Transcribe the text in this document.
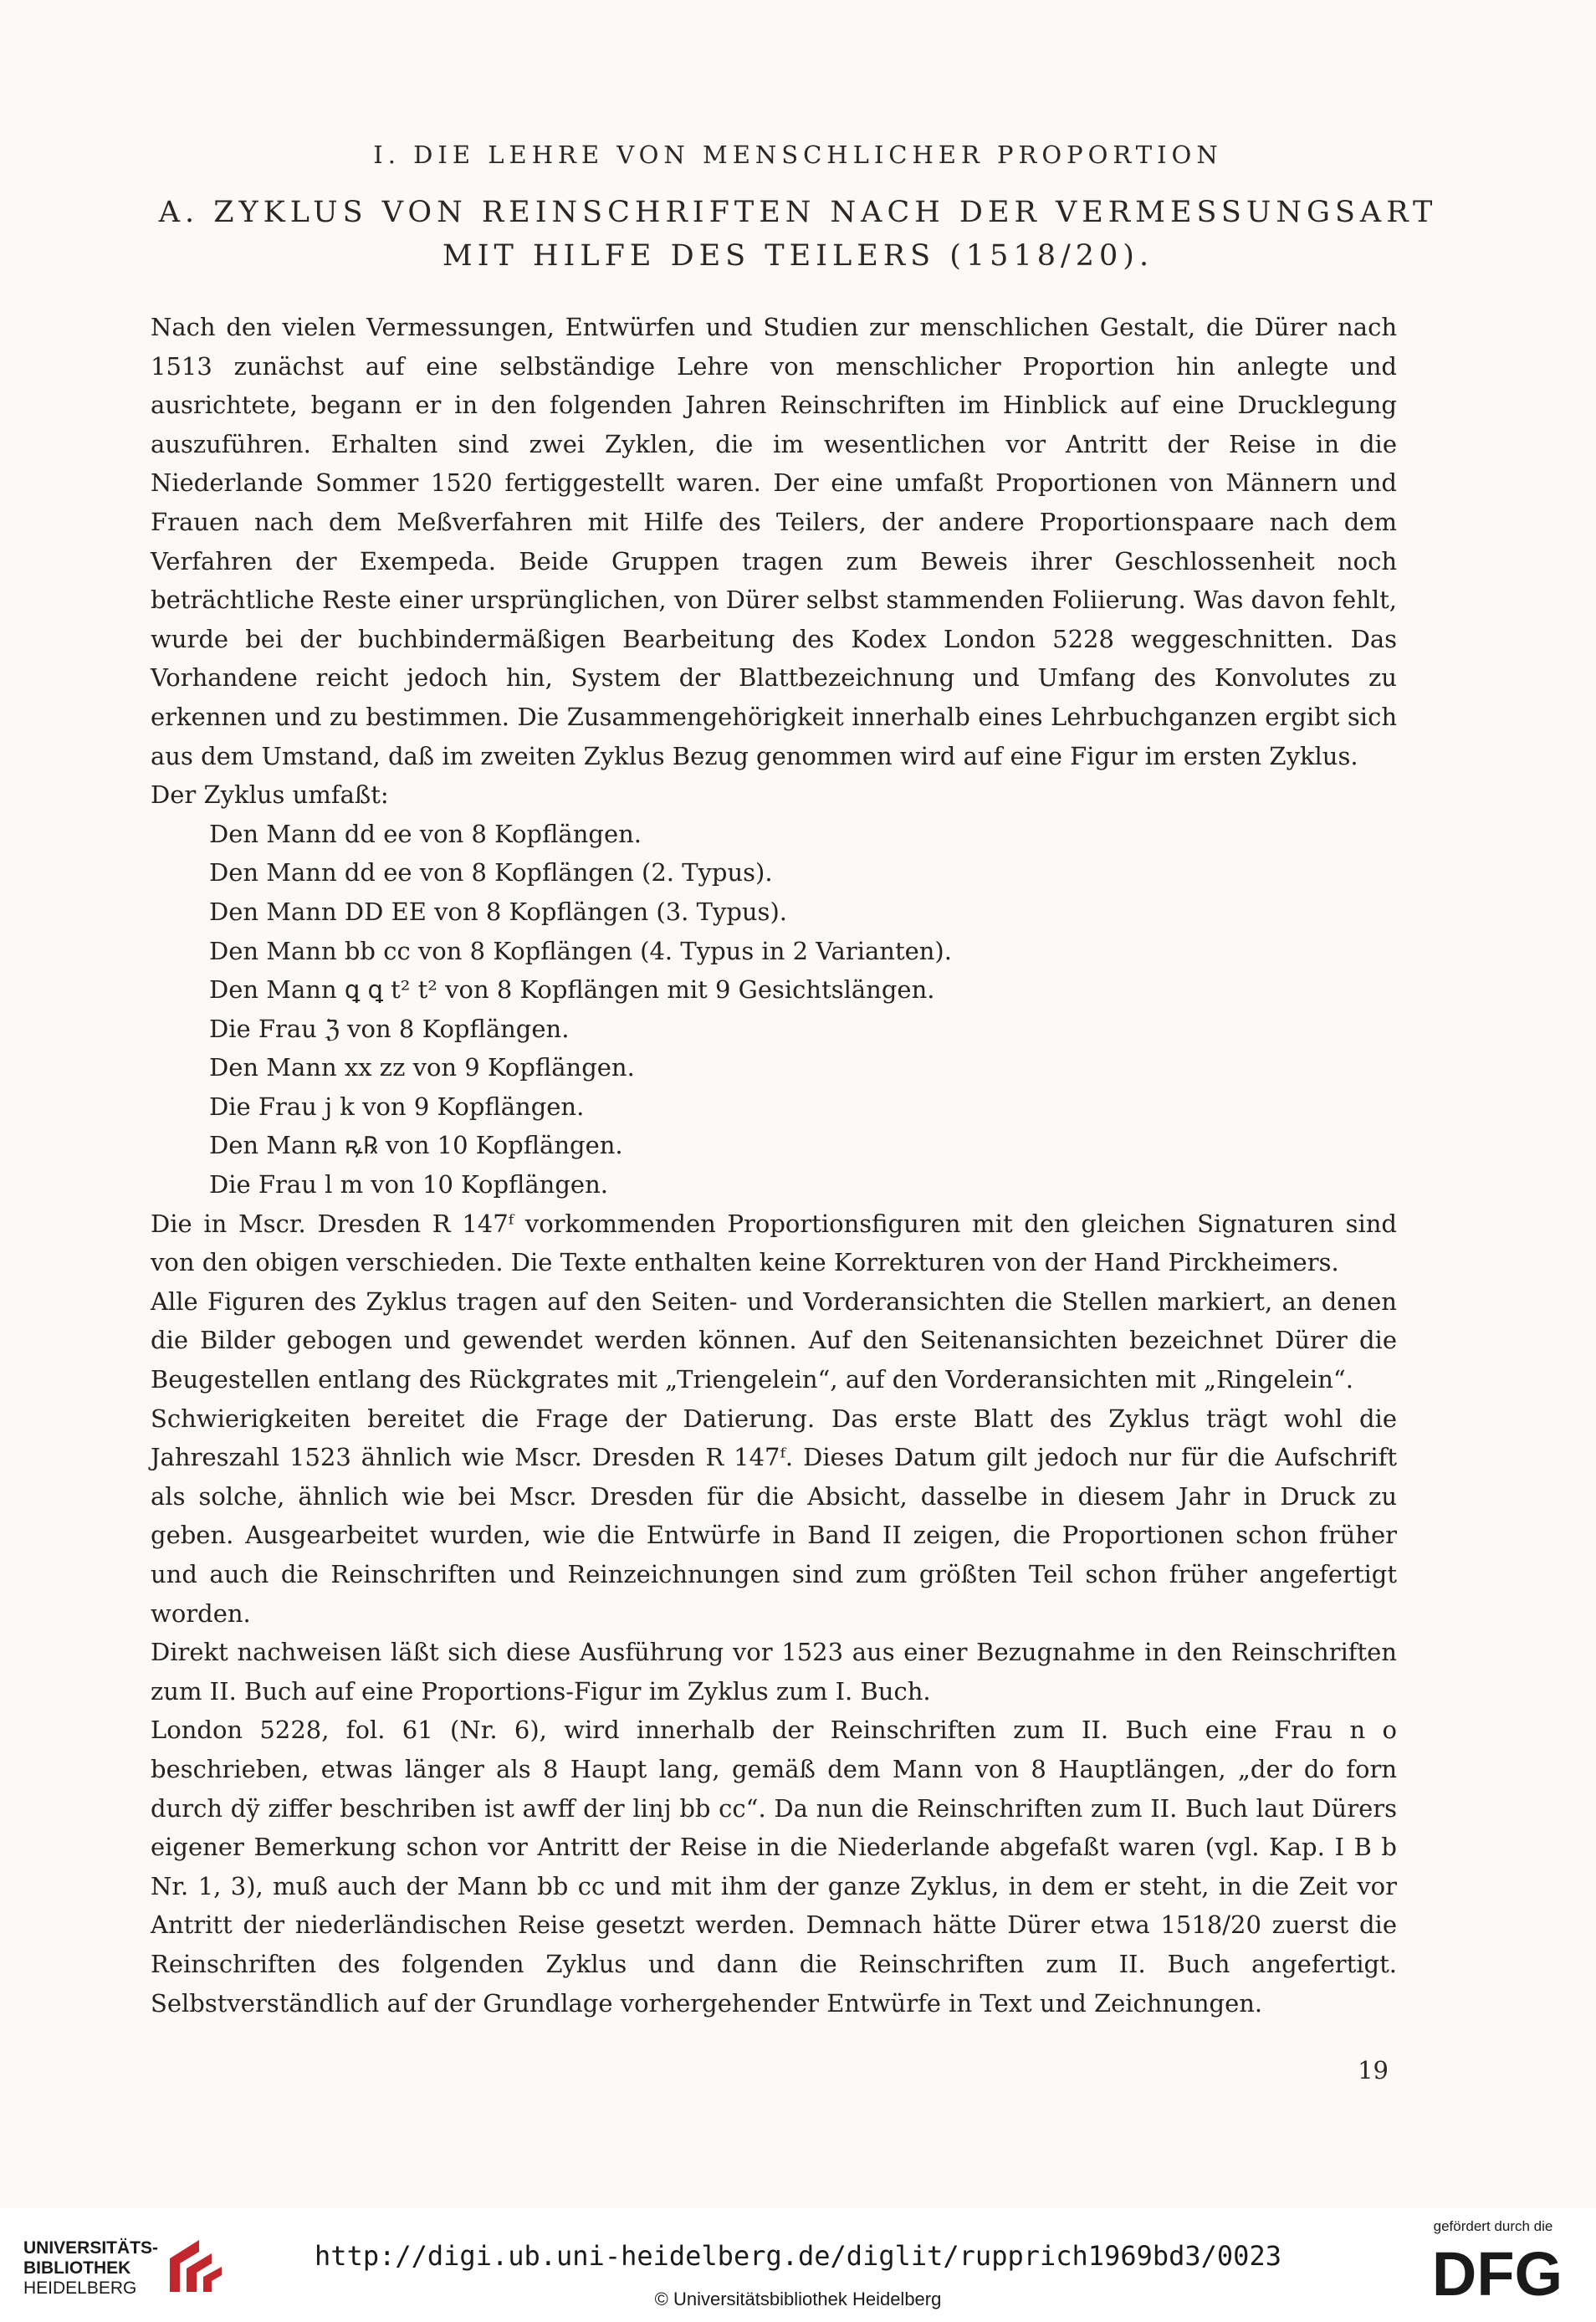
I. DIE LEHRE VON MENSCHLICHER PROPORTION
A. ZYKLUS VON REINSCHRIFTEN NACH DER VERMESSUNGSART
MIT HILFE DES TEILERS (1518/20).

Nach den vielen Vermessungen, Entwürfen und Studien zur menschlichen Gestalt, die Dürer nach 1513 zunächst auf eine selbständige Lehre von menschlicher Proportion hin anlegte und ausrichtete, begann er in den folgenden Jahren Reinschriften im Hinblick auf eine Drucklegung auszuführen. Erhalten sind zwei Zyklen, die im wesentlichen vor Antritt der Reise in die Niederlande Sommer 1520 fertiggestellt waren. Der eine umfaßt Proportionen von Männern und Frauen nach dem Meßverfahren mit Hilfe des Teilers, der andere Proportionspaare nach dem Verfahren der Exempeda. Beide Gruppen tragen zum Beweis ihrer Geschlossenheit noch beträchtliche Reste einer ursprünglichen, von Dürer selbst stammenden Foliierung. Was davon fehlt, wurde bei der buchbindermäßigen Bearbeitung des Kodex London 5228 weggeschnitten. Das Vorhandene reicht jedoch hin, System der Blattbezeichnung und Umfang des Konvolutes zu erkennen und zu bestimmen. Die Zusammengehörigkeit innerhalb eines Lehrbuchganzen ergibt sich aus dem Umstand, daß im zweiten Zyklus Bezug genommen wird auf eine Figur im ersten Zyklus.

Der Zyklus umfaßt:

Den Mann dd ee von 8 Kopflängen.
Den Mann dd ee von 8 Kopflängen (2. Typus).
Den Mann DD EE von 8 Kopflängen (3. Typus).
Den Mann bb cc von 8 Kopflängen (4. Typus in 2 Varianten).
Den Mann ꝗ ꝗ t² t² von 8 Kopflängen mit 9 Gesichtslängen.
Die Frau ℨ von 8 Kopflängen.
Den Mann xx zz von 9 Kopflängen.
Die Frau j k von 9 Kopflängen.
Den Mann ꝶ℞ von 10 Kopflängen.
Die Frau l m von 10 Kopflängen.

Die in Mscr. Dresden R 147ᶠ vorkommenden Proportionsfiguren mit den gleichen Signaturen sind von den obigen verschieden. Die Texte enthalten keine Korrekturen von der Hand Pirckheimers.

Alle Figuren des Zyklus tragen auf den Seiten- und Vorderansichten die Stellen markiert, an denen die Bilder gebogen und gewendet werden können. Auf den Seitenansichten bezeichnet Dürer die Beugestellen entlang des Rückgrates mit „Triengelein“, auf den Vorderansichten mit „Ringelein“.

Schwierigkeiten bereitet die Frage der Datierung. Das erste Blatt des Zyklus trägt wohl die Jahreszahl 1523 ähnlich wie Mscr. Dresden R 147ᶠ. Dieses Datum gilt jedoch nur für die Aufschrift als solche, ähnlich wie bei Mscr. Dresden für die Absicht, dasselbe in diesem Jahr in Druck zu geben. Ausgearbeitet wurden, wie die Entwürfe in Band II zeigen, die Proportionen schon früher und auch die Reinschriften und Reinzeichnungen sind zum größten Teil schon früher angefertigt worden.

Direkt nachweisen läßt sich diese Ausführung vor 1523 aus einer Bezugnahme in den Reinschriften zum II. Buch auf eine Proportions-Figur im Zyklus zum I. Buch.

London 5228, fol. 61 (Nr. 6), wird innerhalb der Reinschriften zum II. Buch eine Frau n o beschrieben, etwas länger als 8 Haupt lang, gemäß dem Mann von 8 Hauptlängen, „der do forn durch dÿ ziffer beschriben ist awff der linj bb cc“. Da nun die Reinschriften zum II. Buch laut Dürers eigener Bemerkung schon vor Antritt der Reise in die Niederlande abgefaßt waren (vgl. Kap. I B b Nr. 1, 3), muß auch der Mann bb cc und mit ihm der ganze Zyklus, in dem er steht, in die Zeit vor Antritt der niederländischen Reise gesetzt werden. Demnach hätte Dürer etwa 1518/20 zuerst die Reinschriften des folgenden Zyklus und dann die Reinschriften zum II. Buch angefertigt. Selbstverständlich auf der Grundlage vorhergehender Entwürfe in Text und Zeichnungen.

19
UNIVERSITÄTS-
BIBLIOTHEK
HEIDELBERG
http://digi.ub.uni-heidelberg.de/diglit/rupprich1969bd3/0023
© Universitätsbibliothek Heidelberg
gefördert durch die
DFG
